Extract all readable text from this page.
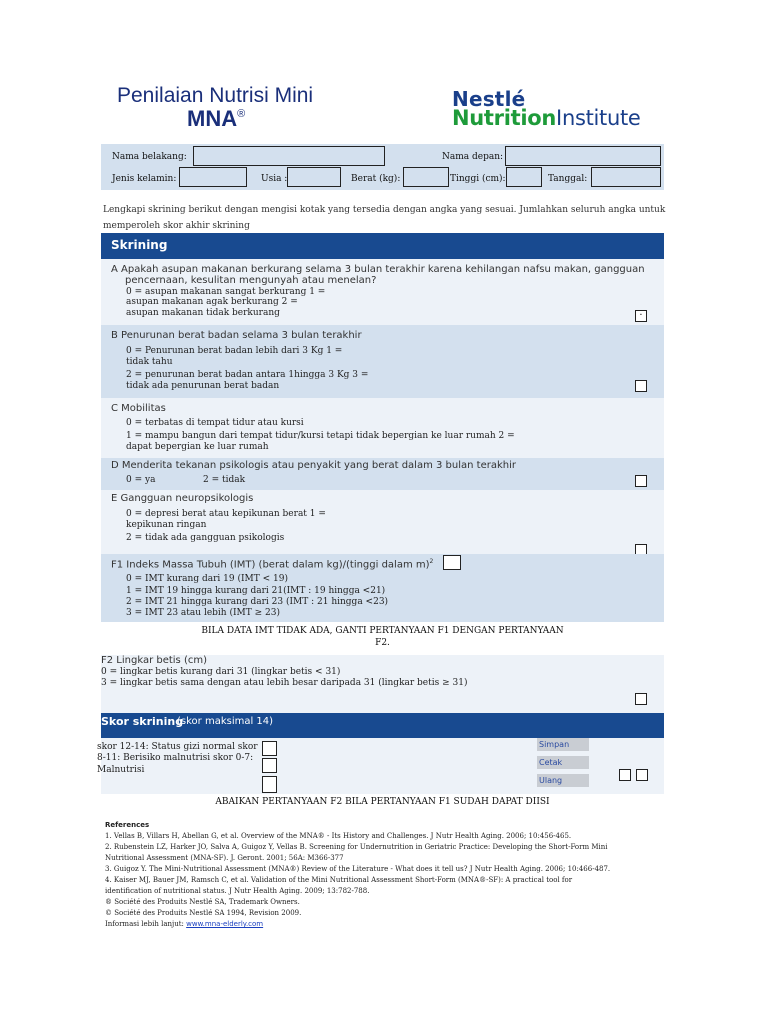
Penilaian Nutrisi Mini
MNA®
Nestlé
NutritionInstitute
Nama belakang:	Nama depan:
Jenis kelamin:	Usia :	Berat (kg):	Tinggi (cm):	Tanggal:
Lengkapi skrining berikut dengan mengisi kotak yang tersedia dengan angka yang sesuai. Jumlahkan seluruh angka untuk memperoleh skor akhir skrining
Skrining
A Apakah asupan makanan berkurang selama 3 bulan terakhir karena kehilangan nafsu makan, gangguan
pencernaan, kesulitan mengunyah atau menelan?
0 = asupan makanan sangat berkurang 1 =
asupan makanan agak berkurang 2 =
asupan makanan tidak berkurang	·
B Penurunan berat badan selama 3 bulan terakhir
0 = Penurunan berat badan lebih dari 3 Kg 1 =
tidak tahu
2 = penurunan berat badan antara 1hingga 3 Kg 3 =
tidak ada penurunan berat badan
C Mobilitas
0 = terbatas di tempat tidur atau kursi
1 = mampu bangun dari tempat tidur/kursi tetapi tidak bepergian ke luar rumah 2 =
dapat bepergian ke luar rumah
D Menderita tekanan psikologis atau penyakit yang berat dalam 3 bulan terakhir
0 = ya	2 = tidak
E Gangguan neuropsikologis
0 = depresi berat atau kepikunan berat 1 =
kepikunan ringan
2 = tidak ada gangguan psikologis
F1 Indeks Massa Tubuh (IMT) (berat dalam kg)/(tinggi dalam m)$^2$
0 = IMT kurang dari 19 (IMT < 19)
1 = IMT 19 hingga kurang dari 21(IMT : 19 hingga <21)
2 = IMT 21 hingga kurang dari 23 (IMT : 21 hingga <23)
3 = IMT 23 atau lebih (IMT ≥ 23)
BILA DATA IMT TIDAK ADA, GANTI PERTANYAAN F1 DENGAN PERTANYAAN
F2.
F2 Lingkar betis (cm)
0 = lingkar betis kurang dari 31 (lingkar betis < 31)
3 = lingkar betis sama dengan atau lebih besar daripada 31 (lingkar betis ≥ 31)
Skor skrining
(skor maksimal 14)
skor 12-14: Status gizi normal skor
8-11: Berisiko malnutrisi skor 0-7:
Malnutrisi
Simpan
Cetak
Ulang
ABAIKAN PERTANYAAN F2 BILA PERTANYAAN F1 SUDAH DAPAT DIISI
References
1. Vellas B, Villars H, Abellan G, et al. Overview of the MNA® - Its History and Challenges. J Nutr Health Aging. 2006; 10:456-465.
2. Rubenstein LZ, Harker JO, Salva A, Guigoz Y, Vellas B. Screening for Undernutrition in Geriatric Practice: Developing the Short-Form Mini
Nutritional Assessment (MNA-SF). J. Geront. 2001; 56A: M366-377
3. Guigoz Y. The Mini-Nutritional Assessment (MNA®) Review of the Literature - What does it tell us? J Nutr Health Aging. 2006; 10:466-487.
4. Kaiser MJ, Bauer JM, Ramsch C, et al. Validation of the Mini Nutritional Assessment Short-Form (MNA®-SF): A practical tool for
identification of nutritional status. J Nutr Health Aging. 2009; 13:782-788.
® Société des Produits Nestlé SA, Trademark Owners.
© Société des Produits Nestlé SA 1994, Revision 2009.
Informasi lebih lanjut: www.mna-elderly.com
